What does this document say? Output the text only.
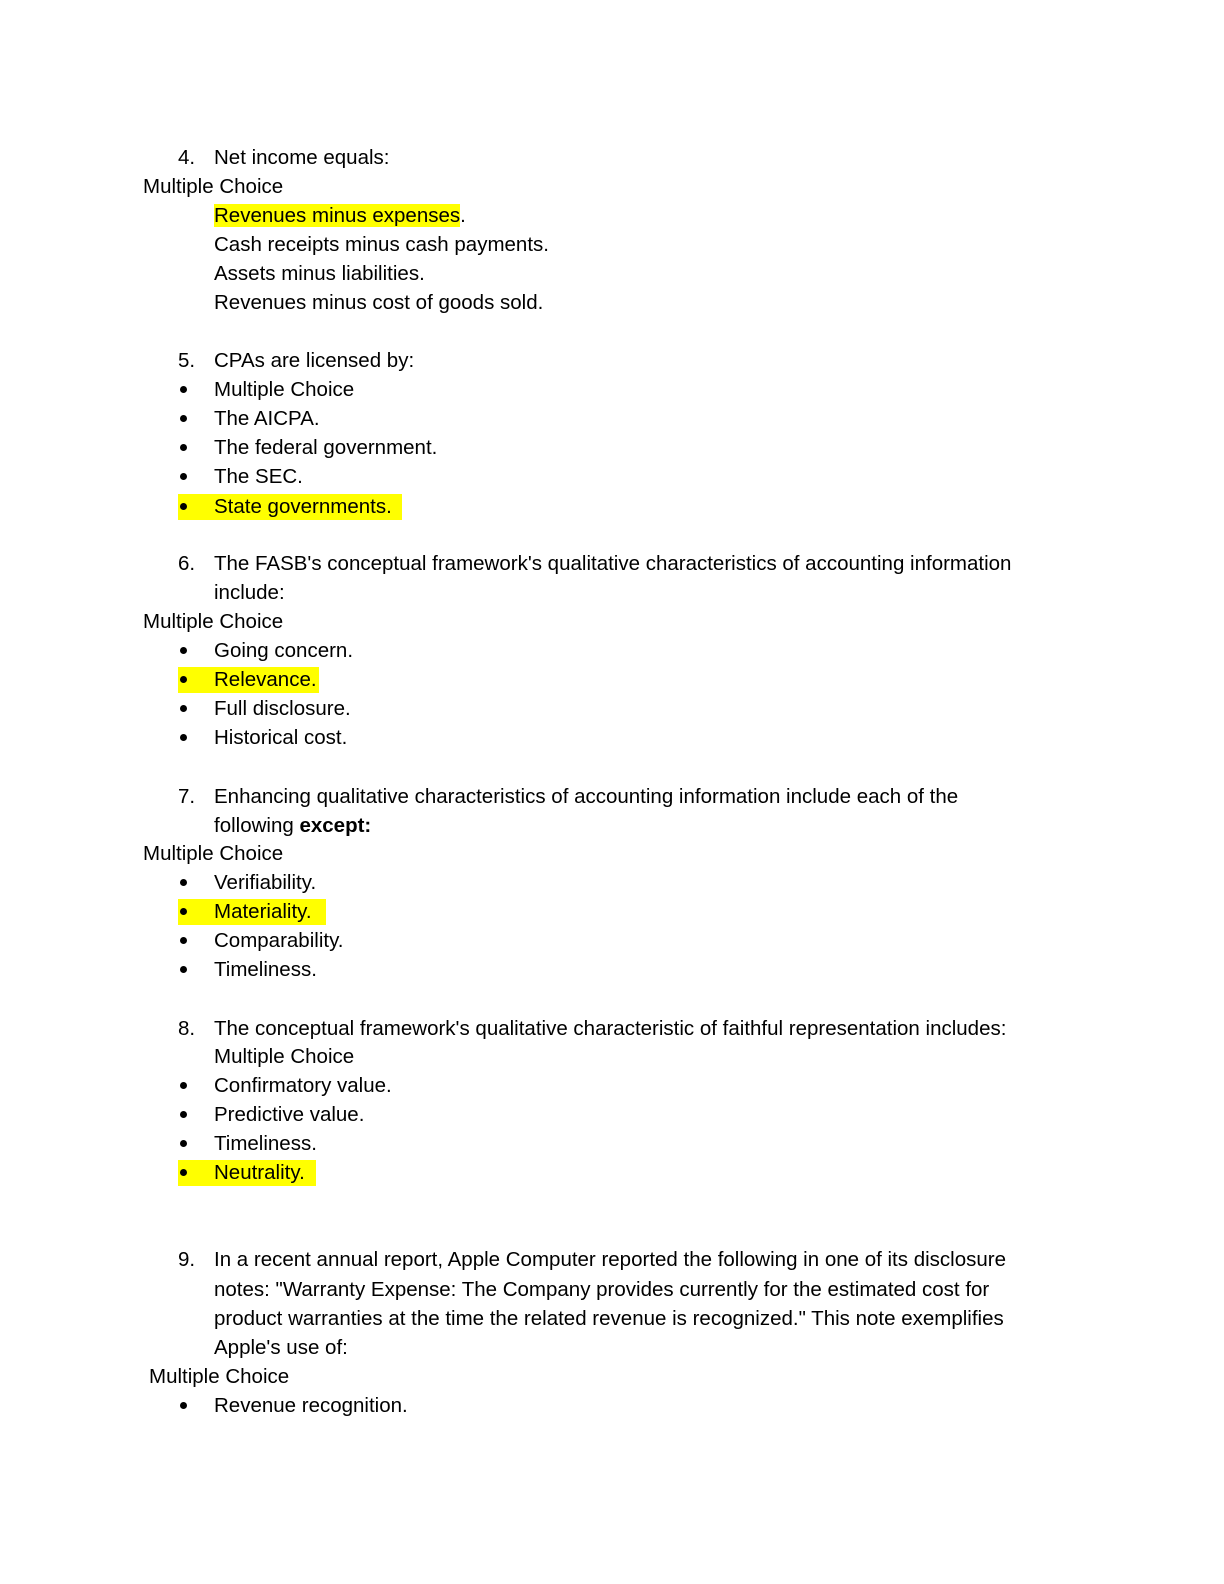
4. Net income equals:
Multiple Choice
Revenues minus expenses.
Cash receipts minus cash payments.
Assets minus liabilities.
Revenues minus cost of goods sold.
5. CPAs are licensed by:
Multiple Choice
The AICPA.
The federal government.
The SEC.
State governments.
6. The FASB's conceptual framework's qualitative characteristics of accounting information
include:
Multiple Choice
Going concern.
Relevance.
Full disclosure.
Historical cost.
7. Enhancing qualitative characteristics of accounting information include each of the
following except:
Multiple Choice
Verifiability.
Materiality.
Comparability.
Timeliness.
8. The conceptual framework's qualitative characteristic of faithful representation includes:
Multiple Choice
Confirmatory value.
Predictive value.
Timeliness.
Neutrality.
9. In a recent annual report, Apple Computer reported the following in one of its disclosure
notes: "Warranty Expense: The Company provides currently for the estimated cost for
product warranties at the time the related revenue is recognized." This note exemplifies
Apple's use of:
Multiple Choice
Revenue recognition.
